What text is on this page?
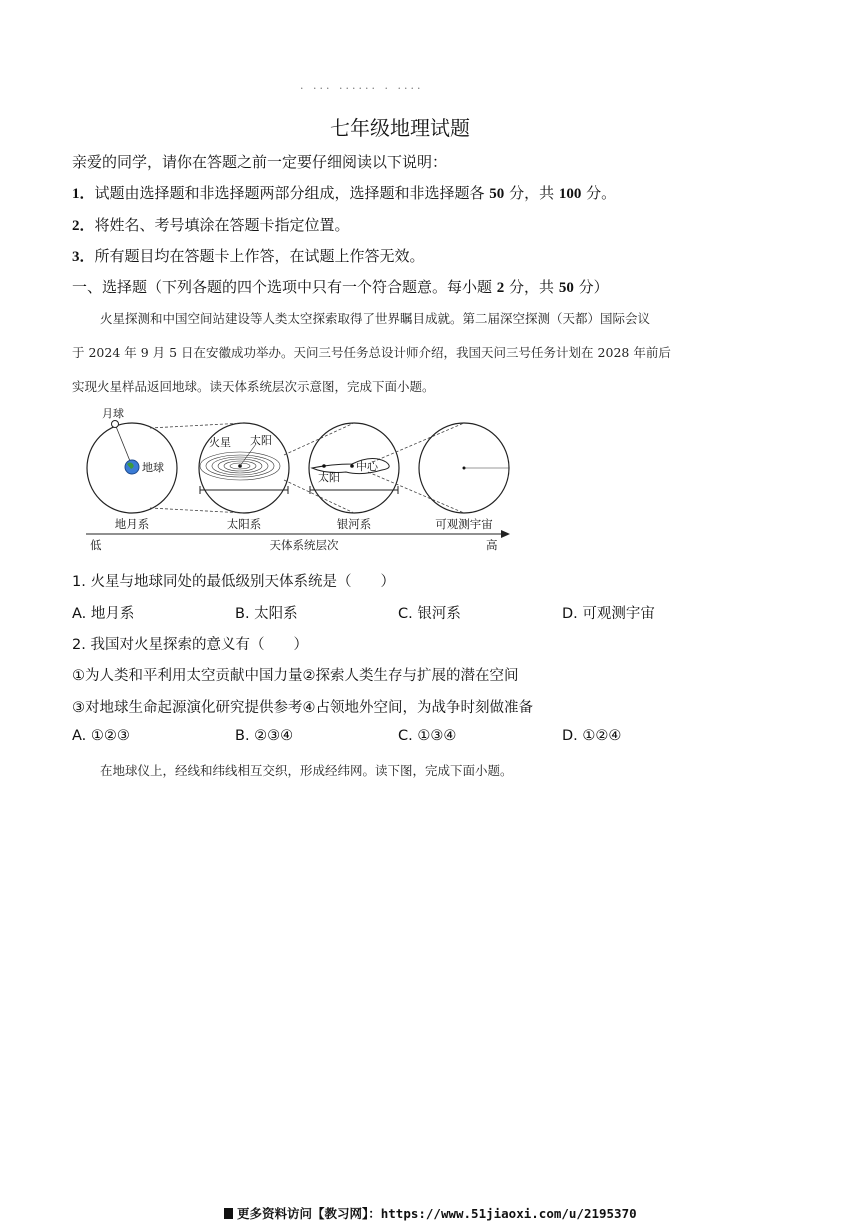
· ··· ······ · ····
七年级地理试题
亲爱的同学，请你在答题之前一定要仔细阅读以下说明：
1．试题由选择题和非选择题两部分组成，选择题和非选择题各 50 分，共 100 分。
2．将姓名、考号填涂在答题卡指定位置。
3．所有题目均在答题卡上作答，在试题上作答无效。
一、选择题（下列各题的四个选项中只有一个符合题意。每小题 2 分，共 50 分）

火星探测和中国空间站建设等人类太空探索取得了世界瞩目成就。第二届深空探测（天都）国际会议

于 2024 年 9 月 5 日在安徽成功举办。天问三号任务总设计师介绍，我国天问三号任务计划在 2028 年前后

实现火星样品返回地球。读天体系统层次示意图，完成下面小题。

月球
地球
火星 太阳
中心
太阳
地月系	太阳系	银河系	可观测宇宙
低	天体系统层次	高
1. 火星与地球同处的最低级别天体系统是（　　）
A. 地月系	B. 太阳系	C. 银河系	D. 可观测宇宙
2. 我国对火星探索的意义有（　　）
①为人类和平利用太空贡献中国力量②探索人类生存与扩展的潜在空间
③对地球生命起源演化研究提供参考④占领地外空间，为战争时刻做准备
A. ①②③	B. ②③④	C. ①③④	D. ①②④

在地球仪上，经线和纬线相互交织，形成经纬网。读下图，完成下面小题。

更多资料访问【教习网】：https://www.51jiaoxi.com/u/2195370
